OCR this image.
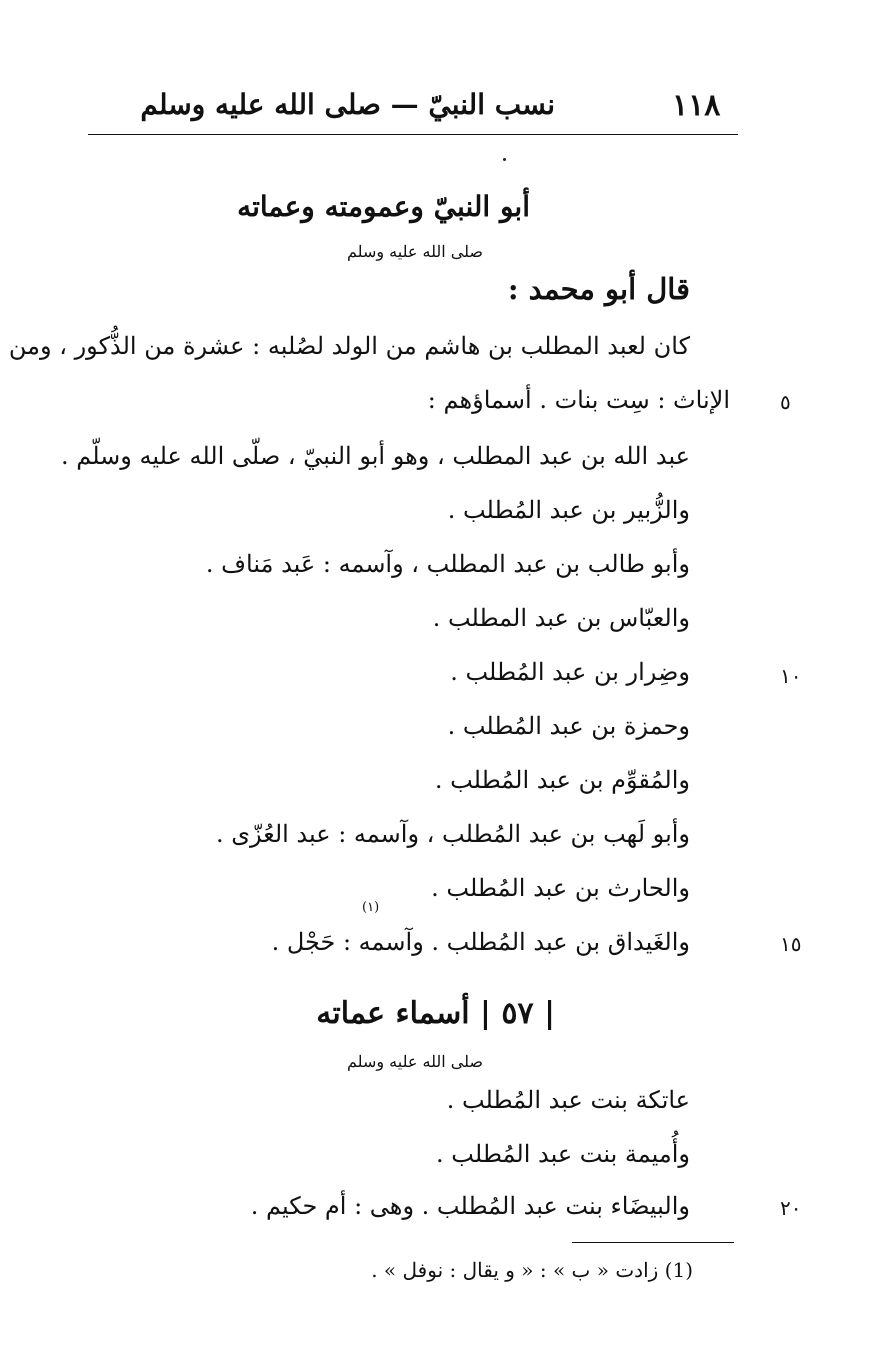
١١٨
نسب النبيّ — صلى الله عليه وسلم
أبو النبيّ وعمومته وعماته
صلى الله عليه وسلم
قال أبو محمد :
كان لعبد المطلب بن هاشم من الولد لصُلبه : عشرة من الذُّكور ، ومن
الإناث : سِت بنات . أسماؤهم :
عبد الله بن عبد المطلب ، وهو أبو النبيّ ، صلّى الله عليه وسلّم .
والزُّبير بن عبد المُطلب .
وأبو طالب بن عبد المطلب ، وآسمه : عَبد مَناف .
والعبّاس بن عبد المطلب .
وضِرار بن عبد المُطلب .
وحمزة بن عبد المُطلب .
والمُقوِّم بن عبد المُطلب .
وأبو لَهب بن عبد المُطلب ، وآسمه : عبد العُزّى .
والحارث بن عبد المُطلب .
والغَيداق بن عبد المُطلب . وآسمه : حَجْل .
(١)
| ٥٧ | أسماء عماته
صلى الله عليه وسلم
عاتكة بنت عبد المُطلب .
وأُميمة بنت عبد المُطلب .
والبيضَاء بنت عبد المُطلب . وهى : أم حكيم .
٥
١٠
١٥
٢٠
(1) زادت « ب » : « و يقال : نوفل » .
